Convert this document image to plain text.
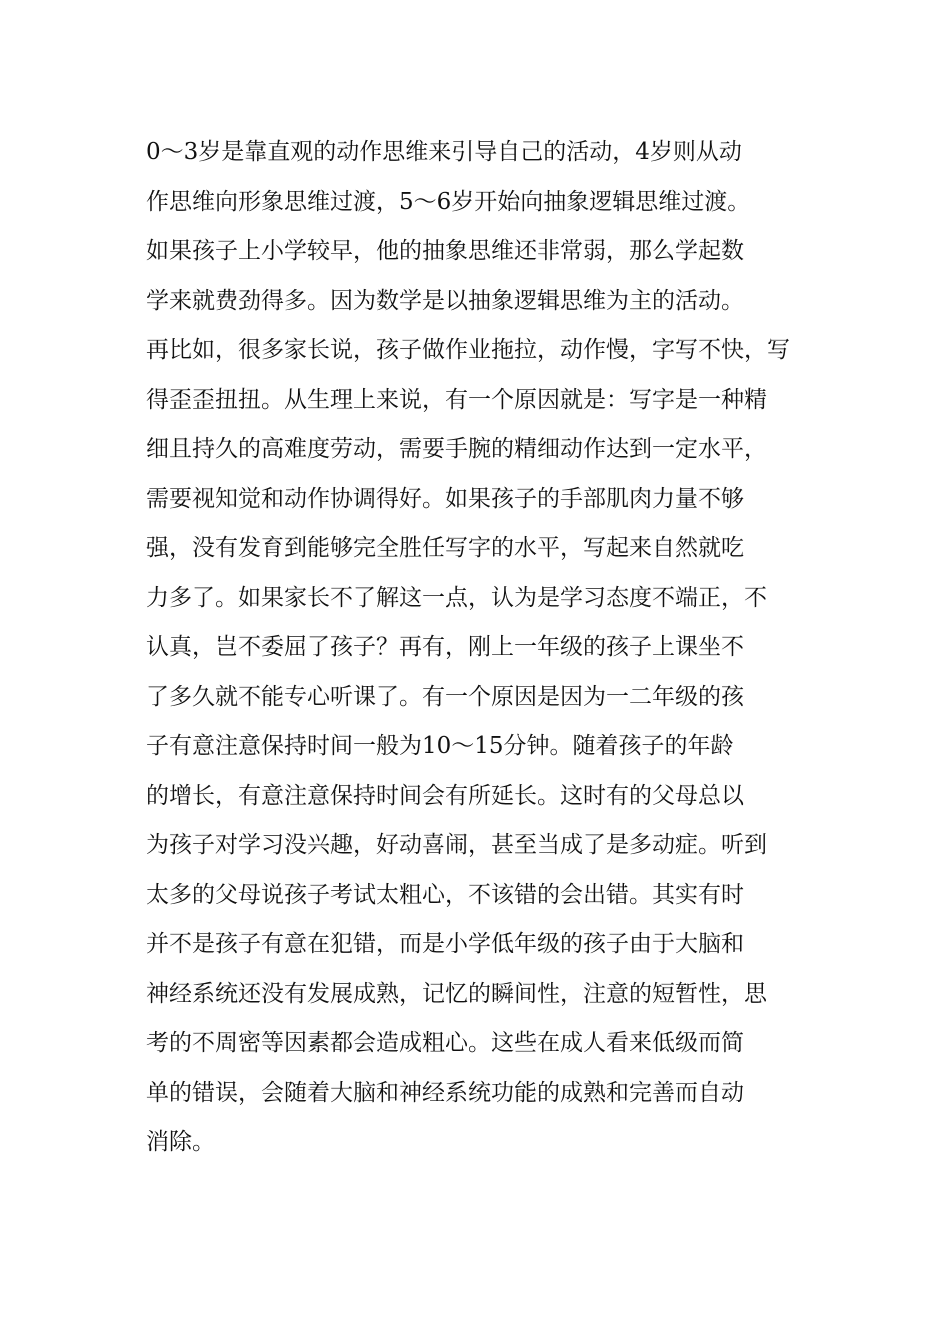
0～3岁是靠直观的动作思维来引导自己的活动，4岁则从动
作思维向形象思维过渡，5～6岁开始向抽象逻辑思维过渡。
如果孩子上小学较早，他的抽象思维还非常弱，那么学起数
学来就费劲得多。因为数学是以抽象逻辑思维为主的活动。
再比如，很多家长说，孩子做作业拖拉，动作慢，字写不快，写
得歪歪扭扭。从生理上来说，有一个原因就是：写字是一种精
细且持久的高难度劳动，需要手腕的精细动作达到一定水平，
需要视知觉和动作协调得好。如果孩子的手部肌肉力量不够
强，没有发育到能够完全胜任写字的水平，写起来自然就吃
力多了。如果家长不了解这一点，认为是学习态度不端正，不
认真，岂不委屈了孩子？再有，刚上一年级的孩子上课坐不
了多久就不能专心听课了。有一个原因是因为一二年级的孩
子有意注意保持时间一般为10～15分钟。随着孩子的年龄
的增长，有意注意保持时间会有所延长。这时有的父母总以
为孩子对学习没兴趣，好动喜闹，甚至当成了是多动症。听到
太多的父母说孩子考试太粗心，不该错的会出错。其实有时
并不是孩子有意在犯错，而是小学低年级的孩子由于大脑和
神经系统还没有发展成熟，记忆的瞬间性，注意的短暂性，思
考的不周密等因素都会造成粗心。这些在成人看来低级而简
单的错误，会随着大脑和神经系统功能的成熟和完善而自动
消除。
